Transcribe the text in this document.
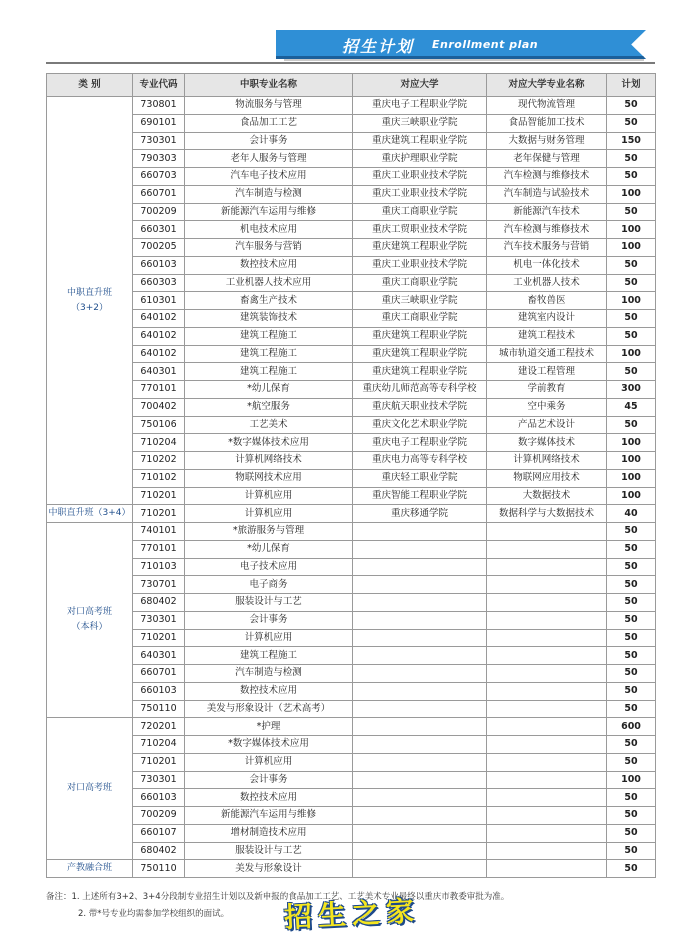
招生计划 Enrollment plan
类 别	专业代码	中职专业名称	对应大学	对应大学专业名称	计划

中职直升班
（3+2）	730801	物流服务与管理	重庆电子工程职业学院	现代物流管理	50
	690101	食品加工工艺	重庆三峡职业学院	食品智能加工技术	50
	730301	会计事务	重庆建筑工程职业学院	大数据与财务管理	150
	790303	老年人服务与管理	重庆护理职业学院	老年保健与管理	50
	660703	汽车电子技术应用	重庆工业职业技术学院	汽车检测与维修技术	50
	660701	汽车制造与检测	重庆工业职业技术学院	汽车制造与试验技术	100
	700209	新能源汽车运用与维修	重庆工商职业学院	新能源汽车技术	50
	660301	机电技术应用	重庆工贸职业技术学院	汽车检测与维修技术	100
	700205	汽车服务与营销	重庆建筑工程职业学院	汽车技术服务与营销	100
	660103	数控技术应用	重庆工业职业技术学院	机电一体化技术	50
	660303	工业机器人技术应用	重庆工商职业学院	工业机器人技术	50
	610301	畜禽生产技术	重庆三峡职业学院	畜牧兽医	100
	640102	建筑装饰技术	重庆工商职业学院	建筑室内设计	50
	640102	建筑工程施工	重庆建筑工程职业学院	建筑工程技术	50
	640102	建筑工程施工	重庆建筑工程职业学院	城市轨道交通工程技术	100
	640301	建筑工程施工	重庆建筑工程职业学院	建设工程管理	50
	770101	*幼儿保育	重庆幼儿师范高等专科学校	学前教育	300
	700402	*航空服务	重庆航天职业技术学院	空中乘务	45
	750106	工艺美术	重庆文化艺术职业学院	产品艺术设计	50
	710204	*数字媒体技术应用	重庆电子工程职业学院	数字媒体技术	100
	710202	计算机网络技术	重庆电力高等专科学校	计算机网络技术	100
	710102	物联网技术应用	重庆轻工职业学院	物联网应用技术	100
	710201	计算机应用	重庆智能工程职业学院	大数据技术	100

中职直升班（3+4）	710201	计算机应用	重庆移通学院	数据科学与大数据技术	40

对口高考班
（本科）	740101	*旅游服务与管理			50
	770101	*幼儿保育			50
	710103	电子技术应用			50
	730701	电子商务			50
	680402	服装设计与工艺			50
	730301	会计事务			50
	710201	计算机应用			50
	640301	建筑工程施工			50
	660701	汽车制造与检测			50
	660103	数控技术应用			50
	750110	美发与形象设计（艺术高考）			50

对口高考班	720201	*护理			600
	710204	*数字媒体技术应用			50
	710201	计算机应用			50
	730301	会计事务			100
	660103	数控技术应用			50
	700209	新能源汽车运用与维修			50
	660107	增材制造技术应用			50
	680402	服装设计与工艺			50

产教融合班	750110	美发与形象设计			50
备注：1. 上述所有3+2、3+4分段制专业招生计划以及新申报的食品加工工艺、工艺美术专业最终以重庆市教委审批为准。
2. 带*号专业均需参加学校组织的面试。	招生之家
